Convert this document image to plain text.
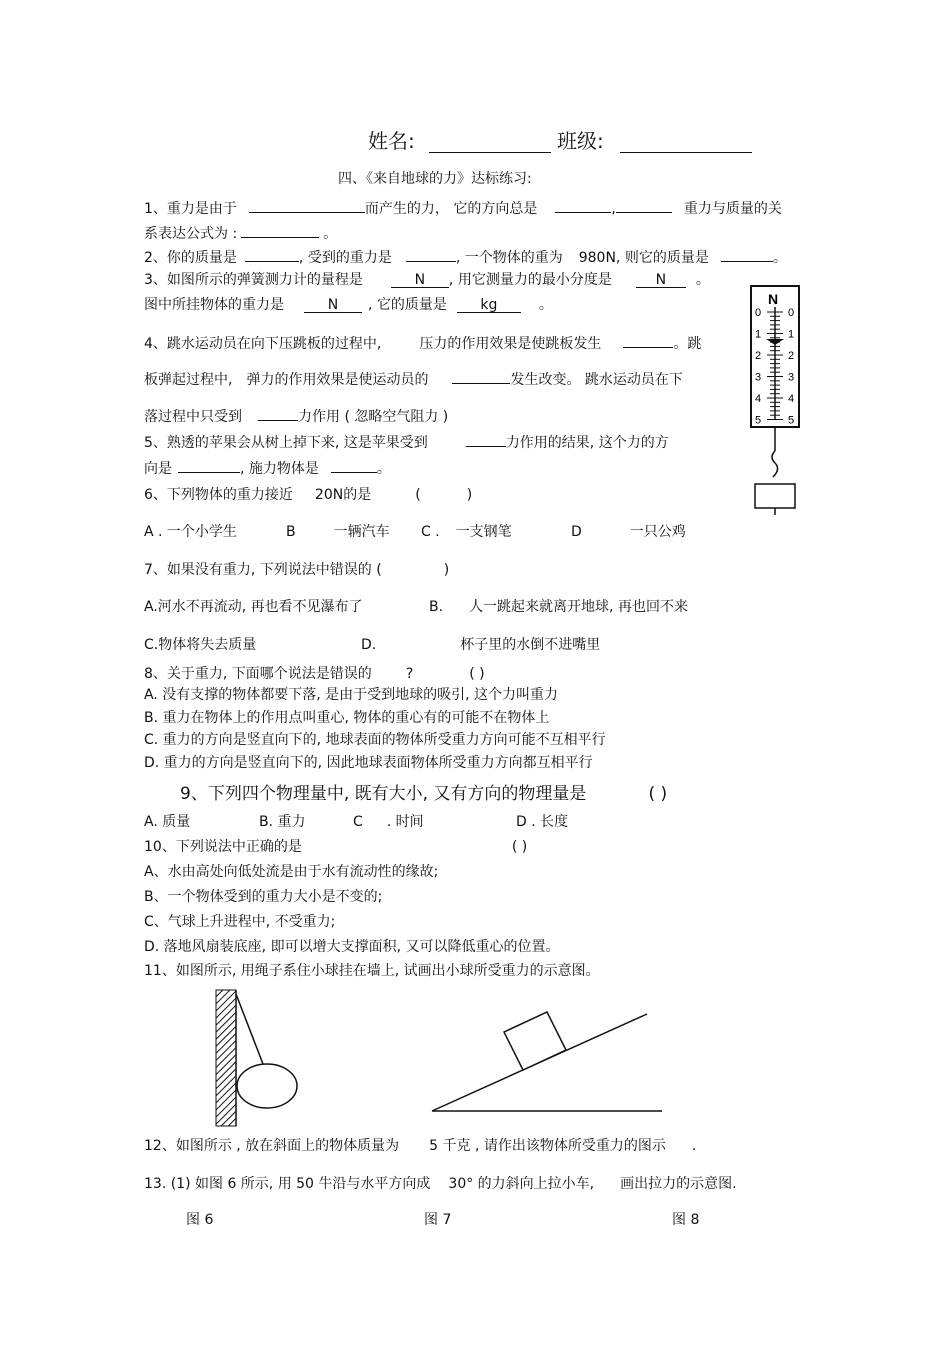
姓名:	班级:
四、《来自地球的力》达标练习:
1、重力是由于	而产生的力， 它的方向总是	,	重力与质量的关
系表达公式为 :	。
2、你的质量是	, 受到的重力是	, 一个物体的重为 980N, 则它的质量是	。
3、如图所示的弹簧测力计的量程是	N , 用它测量力的最小分度是	N 。
图中所挂物体的重力是	N , 它的质量是 kg	。	N
0 0
1 1
2 2
3 3
4 4
5 5
4、跳水运动员在向下压跳板的过程中,	压力的作用效果是使跳板发生	。跳
板弹起过程中, 弹力的作用效果是使运动员的	发生改变。 跳水运动员在下
落过程中只受到	力作用 ( 忽略空气阻力 )
5、熟透的苹果会从树上掉下来, 这是苹果受到	力作用的结果, 这个力的方
向是	, 施力物体是	。
6、下列物体的重力接近 20N的是	(	)
A . 一个小学生	B	一辆汽车 C . 一支钢笔	D	一只公鸡
7、如果没有重力, 下列说法中错误的 (	)
A.河水不再流动, 再也看不见瀑布了	B. 人一跳起来就离开地球, 再也回不来
C.物体将失去质量	D.	杯子里的水倒不进嘴里
8、关于重力, 下面哪个说法是错误的 ?	( )
A. 没有支撑的物体都要下落, 是由于受到地球的吸引, 这个力叫重力
B. 重力在物体上的作用点叫重心, 物体的重心有的可能不在物体上
C. 重力的方向是竖直向下的, 地球表面的物体所受重力方向可能不互相平行
D. 重力的方向是竖直向下的, 因此地球表面物体所受重力方向都互相平行
9、下列四个物理量中, 既有大小, 又有方向的物理量是	( )
A. 质量	B. 重力	C . 时间	D . 长度
10、下列说法中正确的是	( )
A、水由高处向低处流是由于水有流动性的缘故;
B、一个物体受到的重力大小是不变的;
C、气球上升进程中, 不受重力;
D. 落地风扇装底座, 即可以增大支撑面积, 又可以降低重心的位置。
11、如图所示, 用绳子系住小球挂在墙上, 试画出小球所受重力的示意图。
12、如图所示 , 放在斜面上的物体质量为 5 千克 , 请作出该物体所受重力的图示 .
13. (1) 如图 6 所示, 用 50 牛沿与水平方向成 30° 的力斜向上拉小车, 画出拉力的示意图.
图 6	图 7	图 8
